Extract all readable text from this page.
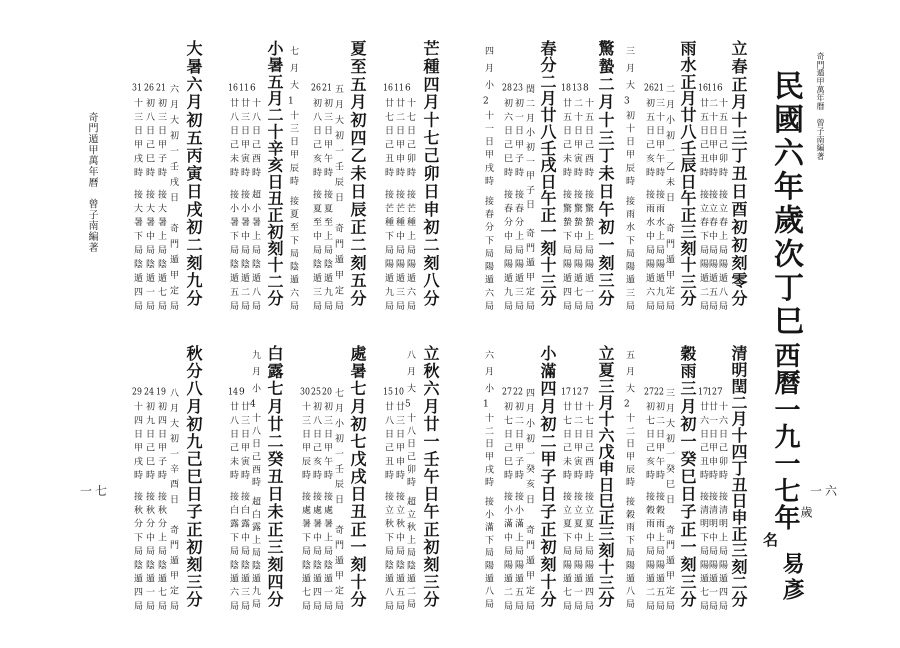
奇門遁甲萬年曆　曾子南編著
民國六年歲次丁巳
西曆一九一七年 歲
名
易彥
一六
一七
奇門遁甲萬年曆　曾子南編著	立春正月十三丁丑日酉初初刻零分
6十五日己卯時 接立春上局陽遁八局
11二十日甲申時 接立春中局陽遁五局
16廿五日己丑時 接立春下局陽遁二局
雨水正月廿八壬辰日午正三刻十三分
二月小初一乙未日　奇門遁甲定局
21三十日甲午時 接雨水上局陽遁九局
26初五日己亥時 接雨水中局陽遁六局
三月大3初十日甲辰時 接雨水下局陽遁三局
驚蟄二月十三丁未日午初一刻三分
8十五日己酉時 接驚蟄上局陽遁一局
13二十日甲寅時 接驚蟄中局陽遁七局
18廿五日己未時 接驚蟄下局陽遁四局
春分二月廿八壬戌日午正一刻十三分
閏二月小初一甲子日　奇門遁甲定局
23初一日甲子時 接春分上局陽遁三局
28初六日己巳時 接春分中局陽遁九局
四月小2十一日甲戌時 接春分下局陽遁六局
清明閏二月十四丁丑日申正三刻二分
7十六日己卯時 接清明上局陽遁四局
12廿一日甲申時 接清明中局陽遁一局
17廿六日己丑時 接清明下局陽遁七局
穀雨三月初一癸巳日子正一刻三分
三月大初一癸巳日　奇門遁甲定局
22初二日甲午時 接穀雨上局陽遁五局
27初七日己亥時 接穀雨中局陽遁二局
五月大2十二日甲辰時 接穀雨下局陽遁八局
立夏三月十六戊申日巳正三刻十三分
7十七日己酉時 接立夏上局陽遁四局
12廿二日甲寅時 接立夏中局陽遁一局
17廿七日己未時 接立夏下局陽遁七局
小滿四月初二甲子日子正初刻十分
四月小初一癸亥日　奇門遁甲定局
22初二日甲子時 接小滿上局陽遁五局
27初七日己巳時 接小滿中局陽遁二局
六月小1十二日甲戌時 接小滿下局陽遁八局
芒種四月十七己卯日申初二刻八分
6十七日己卯時 接芒種上局陽遁六局
11廿二日甲申時 接芒種中局陽遁三局
16廿七日己丑時 接芒種下局陽遁九局
夏至五月初四乙未日辰正二刻五分
五月大初一壬辰日　奇門遁甲定局
21初三日甲午時 接夏至上局陰遁九局
26初八日己亥時 接夏至中局陰遁三局
七月大1十三日甲辰時 接夏至下局陰遁六局
小暑五月二十辛亥日丑正初刻十二分
6十八日己酉時 超小暑上局陰遁八局
11廿三日甲寅時 接小暑中局陰遁二局
16廿八日己未時 接小暑下局陰遁五局
大暑六月初五丙寅日戌初二刻九分
六月大初一壬戌日　奇門遁甲定局
21初三日甲子時 接大暑上局陰遁七局
26初八日己巳時 接大暑中局陰遁一局
31十三日甲戌時 接大暑下局陰遁四局
立秋六月廿一壬午日午正初刻三分
八月大5十八日己卯時 超立秋上局陰遁二局
10廿三日甲申時 接立秋中局陰遁五局
15廿八日己丑時 接立秋下局陰遁八局
處暑七月初七戊戌日丑正一刻十分
七月小初一壬辰日　奇門遁甲定局
20初三日甲午時 接處暑上局陰遁一局
25初八日己亥時 接處暑中局陰遁四局
30十三日甲辰時 接處暑下局陰遁七局
白露七月廿二癸丑日未正三刻四分
九月小4十八日己酉時 超白露上局陰遁九局
9廿三日甲寅時 接白露中局陰遁三局
14廿八日己未時 接白露下局陰遁六局
秋分八月初九己巳日子正初刻三分
八月大初一辛酉日　奇門遁甲定局
19初四日甲子時 接秋分上局陰遁七局
24初九日己巳時 接秋分中局陰遁一局
29十四日甲戌時 接秋分下局陰遁四局
